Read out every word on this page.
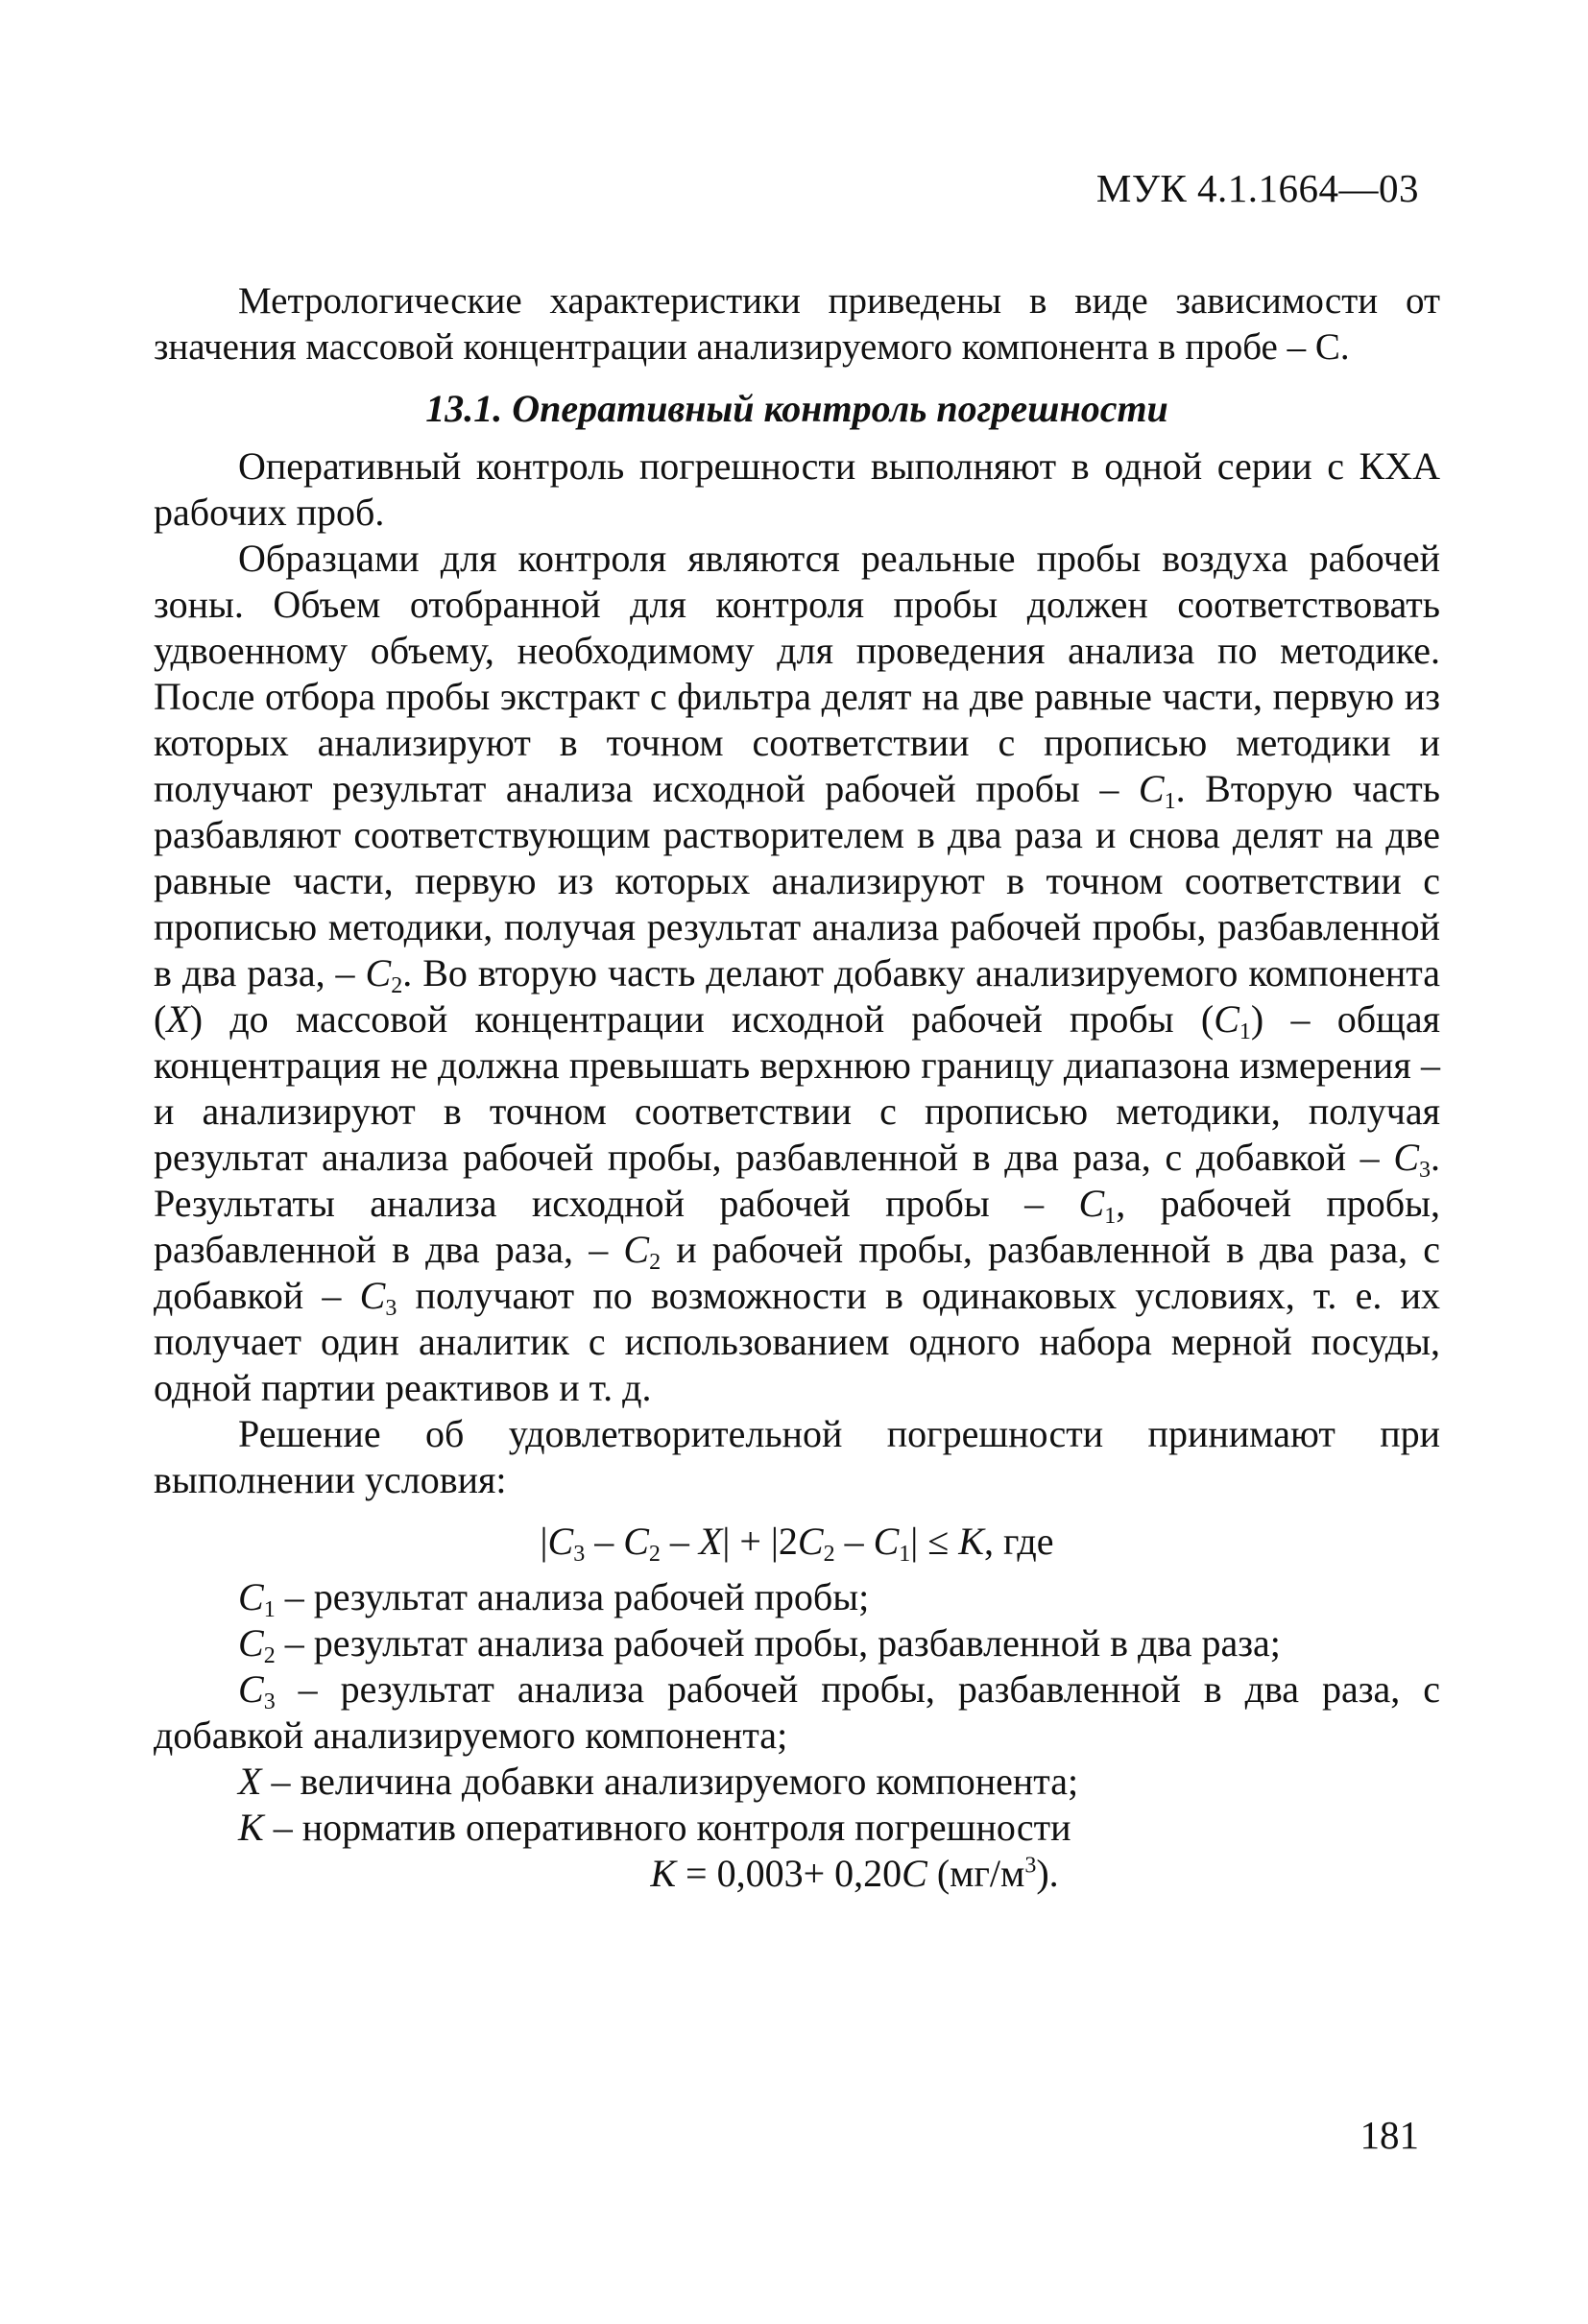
МУК 4.1.1664—03

Метрологические характеристики приведены в виде зависимости от значения массовой концентрации анализируемого компонента в пробе – C.

13.1. Оперативный контроль погрешности

Оперативный контроль погрешности выполняют в одной серии с КХА рабочих проб.

Образцами для контроля являются реальные пробы воздуха рабочей зоны. Объем отобранной для контроля пробы должен соответствовать удвоенному объему, необходимому для проведения анализа по методике. После отбора пробы экстракт с фильтра делят на две равные части, первую из которых анализируют в точном соответствии с прописью методики и получают результат анализа исходной рабочей пробы – $C_1$. Вторую часть разбавляют соответствующим растворителем в два раза и снова делят на две равные части, первую из которых анализируют в точном соответствии с прописью методики, получая результат анализа рабочей пробы, разбавленной в два раза, – $C_2$. Во вторую часть делают добавку анализируемого компонента (X) до массовой концентрации исходной рабочей пробы $(C_1)$ – общая концентрация не должна превышать верхнюю границу диапазона измерения – и анализируют в точном соответствии с прописью методики, получая результат анализа рабочей пробы, разбавленной в два раза, с добавкой – $C_3$. Результаты анализа исходной рабочей пробы – $C_1$, рабочей пробы, разбавленной в два раза, – $C_2$ и рабочей пробы, разбавленной в два раза, с добавкой – $C_3$ получают по возможности в одинаковых условиях, т. е. их получает один аналитик с использованием одного набора мерной посуды, одной партии реактивов и т. д.

Решение об удовлетворительной погрешности принимают при выполнении условия:

$|C_3 - C_2 - X| + |2C_2 - C_1| \le K$, где

$C_1$ – результат анализа рабочей пробы;

$C_2$ – результат анализа рабочей пробы, разбавленной в два раза;

$C_3$ – результат анализа рабочей пробы, разбавленной в два раза, с добавкой анализируемого компонента;

X – величина добавки анализируемого компонента;

K – норматив оперативного контроля погрешности

K = 0,003+ 0,20C $(мг/м^3)$.
181
